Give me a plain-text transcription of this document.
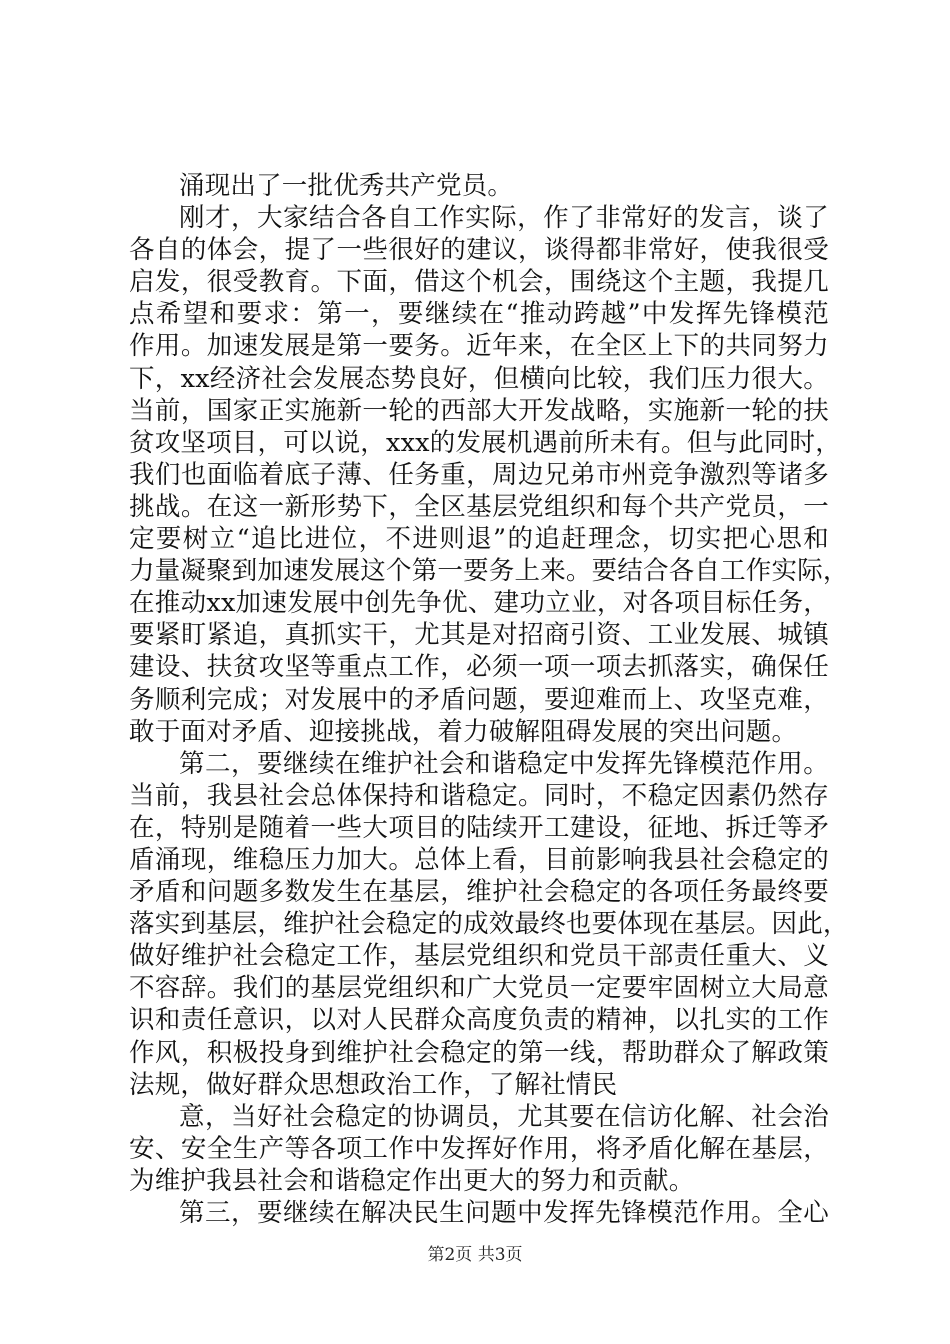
涌现出了一批优秀共产党员。
刚才，大家结合各自工作实际，作了非常好的发言，谈了
各自的体会，提了一些很好的建议，谈得都非常好，使我很受
启发，很受教育。下面，借这个机会，围绕这个主题，我提几
点希望和要求：第一，要继续在“推动跨越”中发挥先锋模范
作用。加速发展是第一要务。近年来，在全区上下的共同努力
下，xx经济社会发展态势良好，但横向比较，我们压力很大。
当前，国家正实施新一轮的西部大开发战略，实施新一轮的扶
贫攻坚项目，可以说，xxx的发展机遇前所未有。但与此同时，
我们也面临着底子薄、任务重，周边兄弟市州竞争激烈等诸多
挑战。在这一新形势下，全区基层党组织和每个共产党员，一
定要树立“追比进位，不进则退”的追赶理念，切实把心思和
力量凝聚到加速发展这个第一要务上来。要结合各自工作实际，
在推动xx加速发展中创先争优、建功立业，对各项目标任务，
要紧盯紧追，真抓实干，尤其是对招商引资、工业发展、城镇
建设、扶贫攻坚等重点工作，必须一项一项去抓落实，确保任
务顺利完成；对发展中的矛盾问题，要迎难而上、攻坚克难，
敢于面对矛盾、迎接挑战，着力破解阻碍发展的突出问题。
第二，要继续在维护社会和谐稳定中发挥先锋模范作用。
当前，我县社会总体保持和谐稳定。同时，不稳定因素仍然存
在，特别是随着一些大项目的陆续开工建设，征地、拆迁等矛
盾涌现，维稳压力加大。总体上看，目前影响我县社会稳定的
矛盾和问题多数发生在基层，维护社会稳定的各项任务最终要
落实到基层，维护社会稳定的成效最终也要体现在基层。因此，
做好维护社会稳定工作，基层党组织和党员干部责任重大、义
不容辞。我们的基层党组织和广大党员一定要牢固树立大局意
识和责任意识，以对人民群众高度负责的精神，以扎实的工作
作风，积极投身到维护社会稳定的第一线，帮助群众了解政策
法规，做好群众思想政治工作，了解社情民
意，当好社会稳定的协调员，尤其要在信访化解、社会治
安、安全生产等各项工作中发挥好作用，将矛盾化解在基层，
为维护我县社会和谐稳定作出更大的努力和贡献。
第三，要继续在解决民生问题中发挥先锋模范作用。全心
第2页 共3页
